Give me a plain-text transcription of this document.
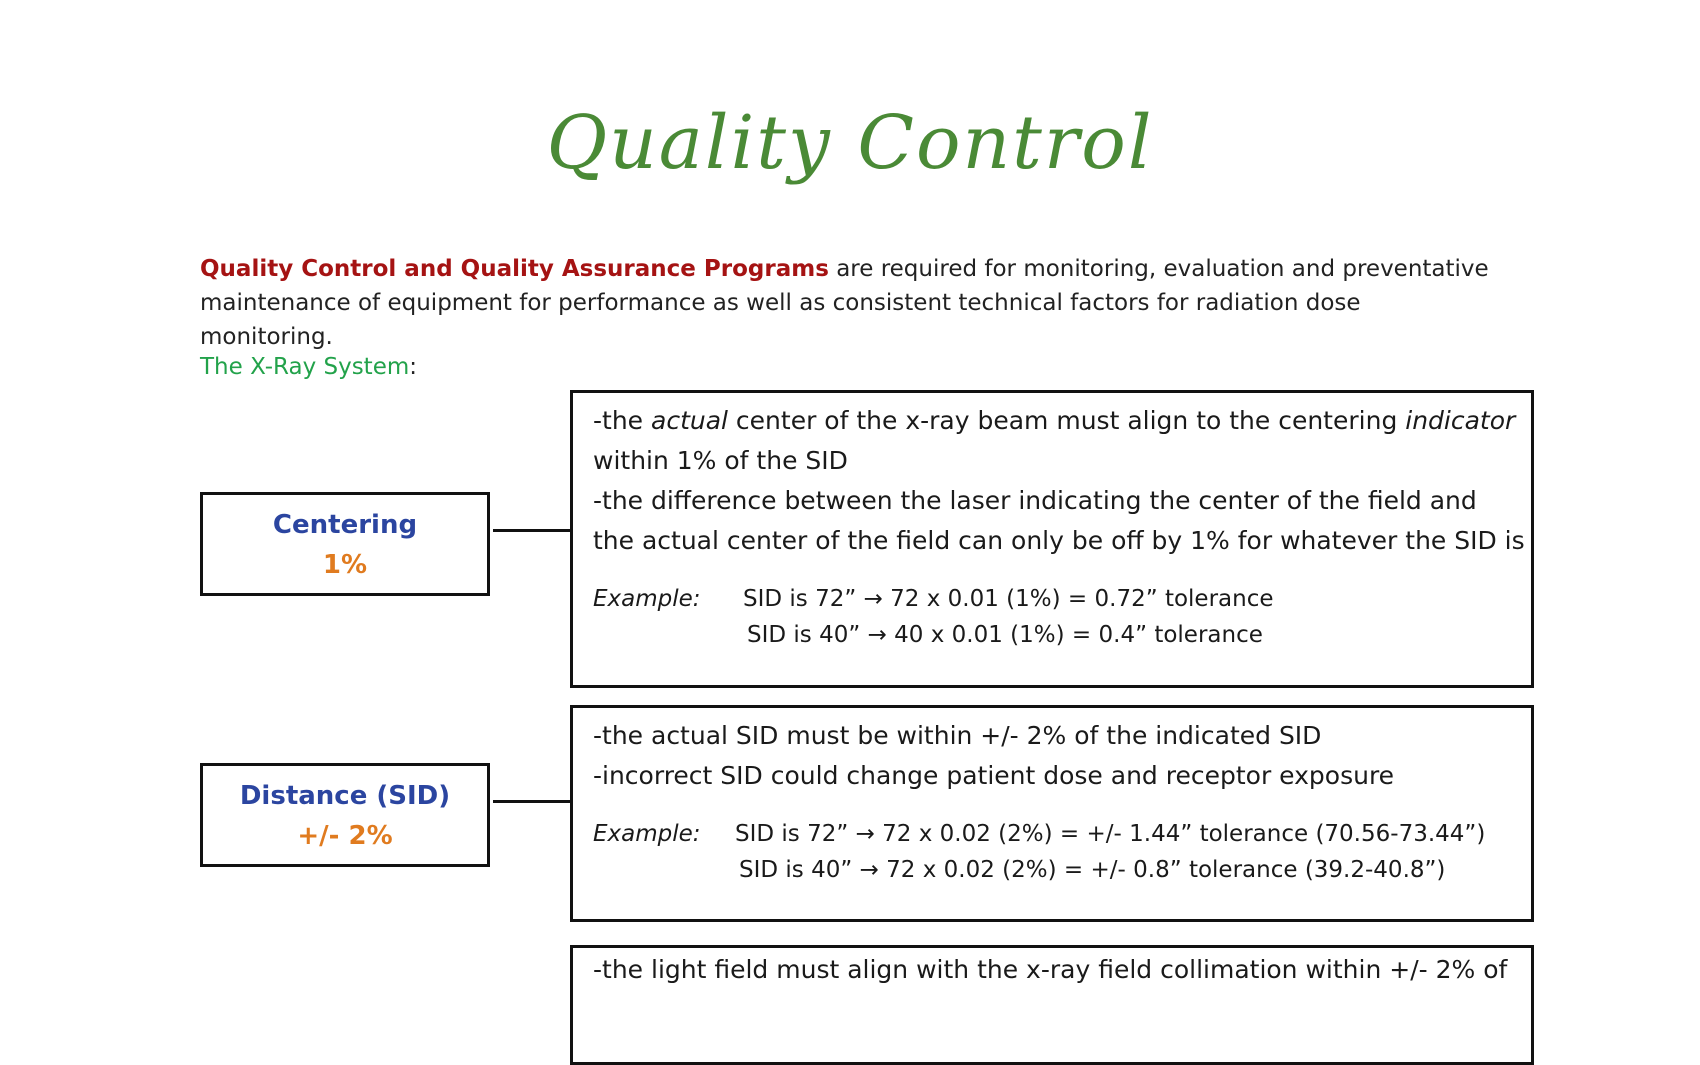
Quality Control
Quality Control and Quality Assurance Programs are required for monitoring, evaluation and preventative
maintenance of equipment for performance as well as consistent technical factors for radiation dose monitoring.
The X-Ray System:
Centering
1%
-the actual center of the x-ray beam must align to the centering indicator
within 1% of the SID
-the difference between the laser indicating the center of the field and
the actual center of the field can only be off by 1% for whatever the SID is
Example: SID is 72” → 72 x 0.01 (1%) = 0.72” tolerance
SID is 40” → 40 x 0.01 (1%) = 0.4” tolerance
Distance (SID)
+/- 2%
-the actual SID must be within +/- 2% of the indicated SID
-incorrect SID could change patient dose and receptor exposure
Example: SID is 72” → 72 x 0.02 (2%) = +/- 1.44” tolerance (70.56-73.44”)
SID is 40” → 72 x 0.02 (2%) = +/- 0.8” tolerance (39.2-40.8”)
-the light field must align with the x-ray field collimation within +/- 2% of
